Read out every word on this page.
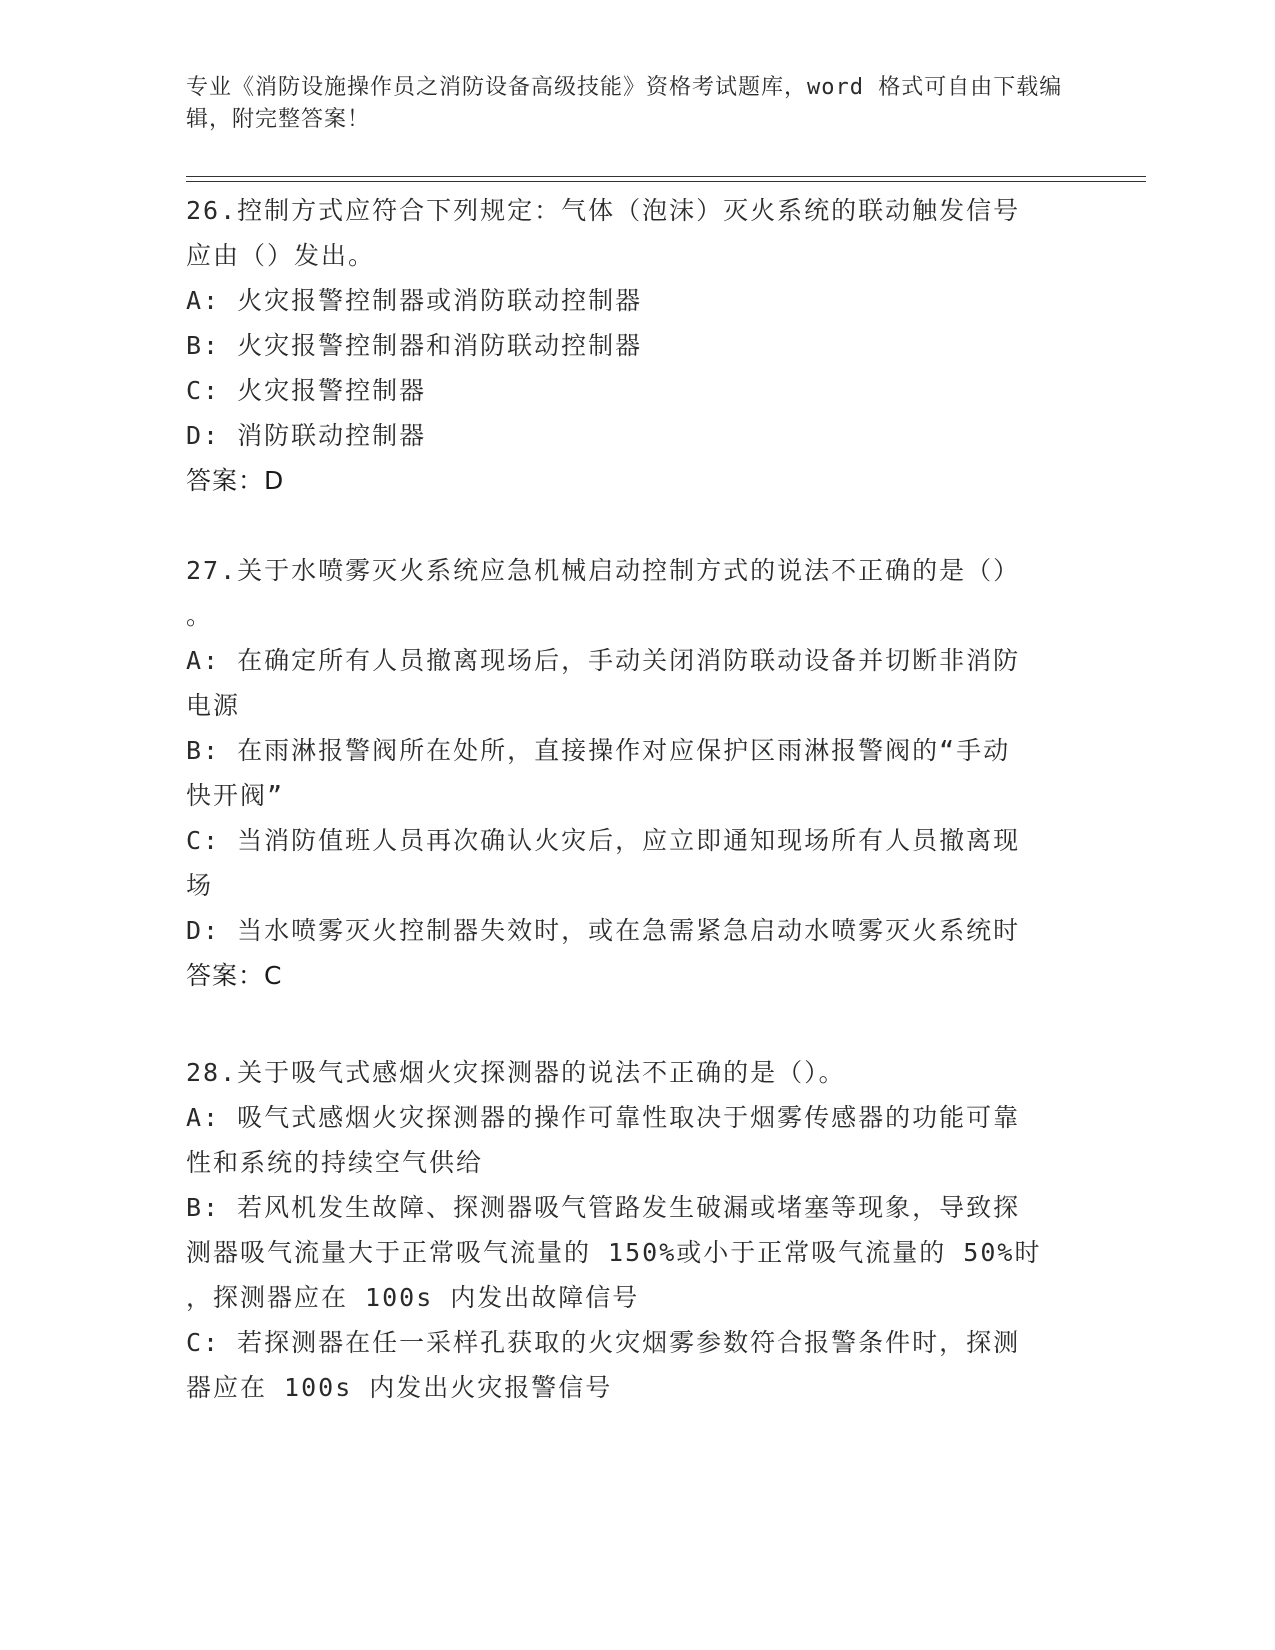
专业《消防设施操作员之消防设备高级技能》资格考试题库，word 格式可自由下载编辑，附完整答案！
26.控制方式应符合下列规定：气体（泡沫）灭火系统的联动触发信号
应由（）发出。
A: 火灾报警控制器或消防联动控制器
B: 火灾报警控制器和消防联动控制器
C: 火灾报警控制器
D: 消防联动控制器
答案：D
27.关于水喷雾灭火系统应急机械启动控制方式的说法不正确的是（）
。
A: 在确定所有人员撤离现场后，手动关闭消防联动设备并切断非消防
电源
B: 在雨淋报警阀所在处所，直接操作对应保护区雨淋报警阀的“手动
快开阀”
C: 当消防值班人员再次确认火灾后，应立即通知现场所有人员撤离现
场
D: 当水喷雾灭火控制器失效时，或在急需紧急启动水喷雾灭火系统时
答案：C
28.关于吸气式感烟火灾探测器的说法不正确的是（）。
A: 吸气式感烟火灾探测器的操作可靠性取决于烟雾传感器的功能可靠
性和系统的持续空气供给
B: 若风机发生故障、探测器吸气管路发生破漏或堵塞等现象，导致探
测器吸气流量大于正常吸气流量的 150%或小于正常吸气流量的 50%时
，探测器应在 100s 内发出故障信号
C: 若探测器在任一采样孔获取的火灾烟雾参数符合报警条件时，探测
器应在 100s 内发出火灾报警信号
